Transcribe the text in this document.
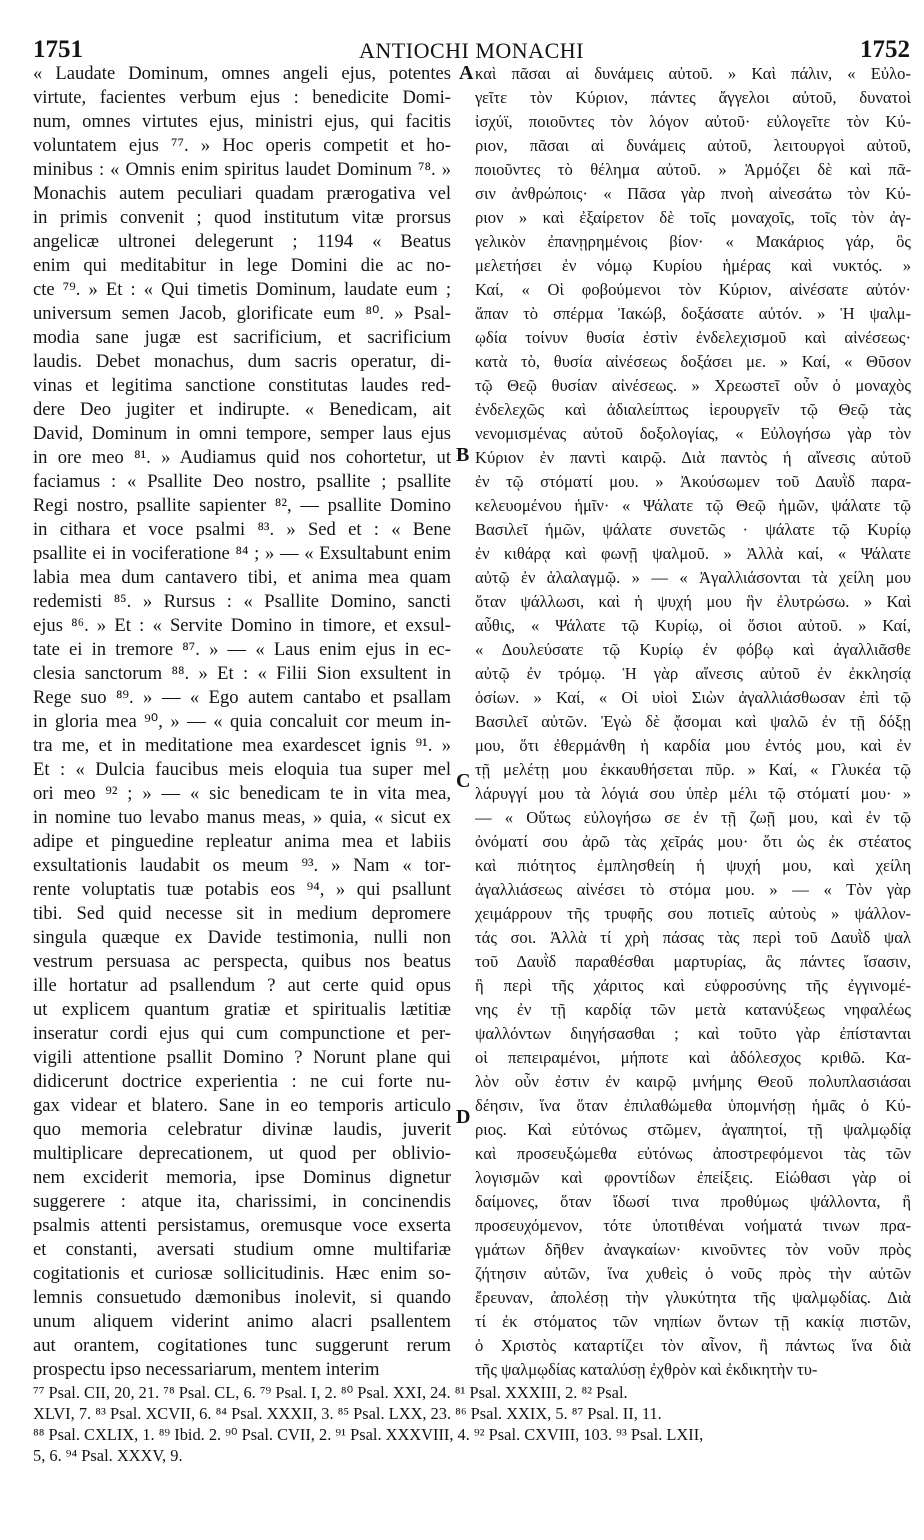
1751	ANTIOCHI MONACHI	1752
« Laudate Dominum, omnes angeli ejus, potentes
virtute, facientes verbum ejus : benedicite Domi-
num, omnes virtutes ejus, ministri ejus, qui facitis
voluntatem ejus ⁷⁷. » Hoc operis competit et ho-
minibus : « Omnis enim spiritus laudet Dominum ⁷⁸. »
Monachis autem peculiari quadam prærogativa vel
in primis convenit ; quod institutum vitæ prorsus
angelicæ ultronei delegerunt ; 1194 « Beatus
enim qui meditabitur in lege Domini die ac no-
cte ⁷⁹. » Et : « Qui timetis Dominum, laudate eum ;
universum semen Jacob, glorificate eum ⁸⁰. » Psal-
modia sane jugæ est sacrificium, et sacrificium
laudis. Debet monachus, dum sacris operatur, di-
vinas et legitima sanctione constitutas laudes red-
dere Deo jugiter et indirupte. « Benedicam, ait
David, Dominum in omni tempore, semper laus ejus
in ore meo ⁸¹. » Audiamus quid nos cohortetur, ut
faciamus : « Psallite Deo nostro, psallite ; psallite
Regi nostro, psallite sapienter ⁸², — psallite Domino
in cithara et voce psalmi ⁸³. » Sed et : « Bene
psallite ei in vociferatione ⁸⁴ ; » — « Exsultabunt enim
labia mea dum cantavero tibi, et anima mea quam
redemisti ⁸⁵. » Rursus : « Psallite Domino, sancti
ejus ⁸⁶. » Et : « Servite Domino in timore, et exsul-
tate ei in tremore ⁸⁷. » — « Laus enim ejus in ec-
clesia sanctorum ⁸⁸. » Et : « Filii Sion exsultent in
Rege suo ⁸⁹. » — « Ego autem cantabo et psallam
in gloria mea ⁹⁰, » — « quia concaluit cor meum in-
tra me, et in meditatione mea exardescet ignis ⁹¹. »
Et : « Dulcia faucibus meis eloquia tua super mel
ori meo ⁹² ; » — « sic benedicam te in vita mea,
in nomine tuo levabo manus meas, » quia, « sicut ex
adipe et pinguedine repleatur anima mea et labiis
exsultationis laudabit os meum ⁹³. » Nam « tor-
rente voluptatis tuæ potabis eos ⁹⁴, » qui psallunt
tibi. Sed quid necesse sit in medium depromere
singula quæque ex Davide testimonia, nulli non
vestrum persuasa ac perspecta, quibus nos beatus
ille hortatur ad psallendum ? aut certe quid opus
ut explicem quantum gratiæ et spiritualis lætitiæ
inseratur cordi ejus qui cum compunctione et per-
vigili attentione psallit Domino ? Norunt plane qui
didicerunt doctrice experientia : ne cui forte nu-
gax videar et blatero. Sane in eo temporis articulo
quo memoria celebratur divinæ laudis, juverit
multiplicare deprecationem, ut quod per oblivio-
nem exciderit memoria, ipse Dominus dignetur
suggerere : atque ita, charissimi, in concinendis
psalmis attenti persistamus, oremusque voce exserta
et constanti, aversati studium omne multifariæ
cogitationis et curiosæ sollicitudinis. Hæc enim so-
lemnis consuetudo dæmonibus inolevit, si quando
unum aliquem viderint animo alacri psallentem
aut orantem, cogitationes tunc suggerunt rerum
prospectu ipso necessariarum, mentem interim
καὶ πᾶσαι αἱ δυνάμεις αὐτοῦ. » Καὶ πάλιν, « Εὐλο-
γεῖτε τὸν Κύριον, πάντες ἄγγελοι αὐτοῦ, δυνατοὶ
ἰσχύϊ, ποιοῦντες τὸν λόγον αὐτοῦ· εὐλογεῖτε τὸν Κύ-
ριον, πᾶσαι αἱ δυνάμεις αὐτοῦ, λειτουργοὶ αὐτοῦ,
ποιοῦντες τὸ θέλημα αὐτοῦ. » Ἁρμόζει δὲ καὶ πᾶ-
σιν ἀνθρώποις· « Πᾶσα γὰρ πνοὴ αἰνεσάτω τὸν Κύ-
ριον » καὶ ἐξαίρετον δὲ τοῖς μοναχοῖς, τοῖς τὸν ἀγ-
γελικὸν ἐπανῃρημένοις βίον· « Μακάριος γάρ, ὃς
μελετήσει ἐν νόμῳ Κυρίου ἡμέρας καὶ νυκτός. »
Καί, « Οἱ φοβούμενοι τὸν Κύριον, αἰνέσατε αὐτόν·
ἅπαν τὸ σπέρμα Ἰακώβ, δοξάσατε αὐτόν. » Ἡ ψαλμ-
ῳδία τοίνυν θυσία ἐστὶν ἐνδελεχισμοῦ καὶ αἰνέσεως·
κατὰ τὸ, θυσία αἰνέσεως δοξάσει με. » Καί, « Θῦσον
τῷ Θεῷ θυσίαν αἰνέσεως. » Χρεωστεῖ οὖν ὁ μοναχὸς
ἐνδελεχῶς καὶ ἀδιαλείπτως ἱερουργεῖν τῷ Θεῷ τὰς
νενομισμένας αὐτοῦ δοξολογίας, « Εὐλογήσω γὰρ τὸν
Κύριον ἐν παντὶ καιρῷ. Διὰ παντὸς ἡ αἴνεσις αὐτοῦ
ἐν τῷ στόματί μου. » Ἀκούσωμεν τοῦ Δαυῒδ παρα-
κελευομένου ἡμῖν· « Ψάλατε τῷ Θεῷ ἡμῶν, ψάλατε τῷ
Βασιλεῖ ἡμῶν, ψάλατε συνετῶς · ψάλατε τῷ Κυρίῳ
ἐν κιθάρᾳ καὶ φωνῇ ψαλμοῦ. » Ἀλλὰ καί, « Ψάλατε
αὐτῷ ἐν ἀλαλαγμῷ. » — « Ἀγαλλιάσονται τὰ χείλη μου
ὅταν ψάλλωσι, καὶ ἡ ψυχή μου ἣν ἐλυτρώσω. » Καὶ
αὖθις, « Ψάλατε τῷ Κυρίῳ, οἱ ὅσιοι αὐτοῦ. » Καί,
« Δουλεύσατε τῷ Κυρίῳ ἐν φόβῳ καὶ ἀγαλλιᾶσθε
αὐτῷ ἐν τρόμῳ. Ἡ γὰρ αἴνεσις αὐτοῦ ἐν ἐκκλησίᾳ
ὁσίων. » Καί, « Οἱ υἱοὶ Σιὼν ἀγαλλιάσθωσαν ἐπὶ τῷ
Βασιλεῖ αὐτῶν. Ἐγὼ δὲ ᾄσομαι καὶ ψαλῶ ἐν τῇ δόξῃ
μου, ὅτι ἐθερμάνθη ἡ καρδία μου ἐντός μου, καὶ ἐν
τῇ μελέτῃ μου ἐκκαυθήσεται πῦρ. » Καί, « Γλυκέα τῷ
λάρυγγί μου τὰ λόγιά σου ὑπὲρ μέλι τῷ στόματί μου· »
— « Οὕτως εὐλογήσω σε ἐν τῇ ζωῇ μου, καὶ ἐν τῷ
ὀνόματί σου ἀρῶ τὰς χεῖράς μου· ὅτι ὡς ἐκ στέατος
καὶ πιότητος ἐμπλησθείη ἡ ψυχή μου, καὶ χείλη
ἀγαλλιάσεως αἰνέσει τὸ στόμα μου. » — « Τὸν γὰρ
χειμάρρουν τῆς τρυφῆς σου ποτιεῖς αὐτοὺς » ψάλλον-
τάς σοι. Ἀλλὰ τί χρὴ πάσας τὰς περὶ τοῦ Δαυῒδ ψαλ
τοῦ Δαυῒδ παραθέσθαι μαρτυρίας, ἃς πάντες ἴσασιν,
ἢ περὶ τῆς χάριτος καὶ εὐφροσύνης τῆς ἐγγινομέ-
νης ἐν τῇ καρδίᾳ τῶν μετὰ κατανύξεως νηφαλέως
ψαλλόντων διηγήσασθαι ; καὶ τοῦτο γὰρ ἐπίστανται
οἱ πεπειραμένοι, μήποτε καὶ ἀδόλεσχος κριθῶ. Κα-
λὸν οὖν ἐστιν ἐν καιρῷ μνήμης Θεοῦ πολυπλασιάσαι
δέησιν, ἵνα ὅταν ἐπιλαθώμεθα ὑπομνήσῃ ἡμᾶς ὁ Κύ-
ριος. Καὶ εὐτόνως στῶμεν, ἀγαπητοί, τῇ ψαλμῳδίᾳ
καὶ προσευξώμεθα εὐτόνως ἀποστρεφόμενοι τὰς τῶν
λογισμῶν καὶ φροντίδων ἐπείξεις. Εἰώθασι γὰρ οἱ
δαίμονες, ὅταν ἴδωσί τινα προθύμως ψάλλοντα, ἢ
προσευχόμενον, τότε ὑποτιθέναι νοήματά τινων πρα-
γμάτων δῆθεν ἀναγκαίων· κινοῦντες τὸν νοῦν πρὸς
ζήτησιν αὐτῶν, ἵνα χυθεὶς ὁ νοῦς πρὸς τὴν αὐτῶν
ἔρευναν, ἀπολέσῃ τὴν γλυκύτητα τῆς ψαλμῳδίας. Διὰ
τί ἐκ στόματος τῶν νηπίων ὄντων τῇ κακίᾳ πιστῶν,
ὁ Χριστὸς καταρτίζει τὸν αἶνον, ἢ πάντως ἵνα διὰ
τῆς ψαλμῳδίας καταλύσῃ ἐχθρὸν καὶ ἐκδικητὴν τυ-
A
B
C
D
⁷⁷ Psal. CII, 20, 21. ⁷⁸ Psal. CL, 6. ⁷⁹ Psal. I, 2. ⁸⁰ Psal. XXI, 24. ⁸¹ Psal. XXXIII, 2. ⁸² Psal.
XLVI, 7. ⁸³ Psal. XCVII, 6. ⁸⁴ Psal. XXXII, 3. ⁸⁵ Psal. LXX, 23. ⁸⁶ Psal. XXIX, 5. ⁸⁷ Psal. II, 11.
⁸⁸ Psal. CXLIX, 1. ⁸⁹ Ibid. 2. ⁹⁰ Psal. CVII, 2. ⁹¹ Psal. XXXVIII, 4. ⁹² Psal. CXVIII, 103. ⁹³ Psal. LXII,
5, 6. ⁹⁴ Psal. XXXV, 9.
